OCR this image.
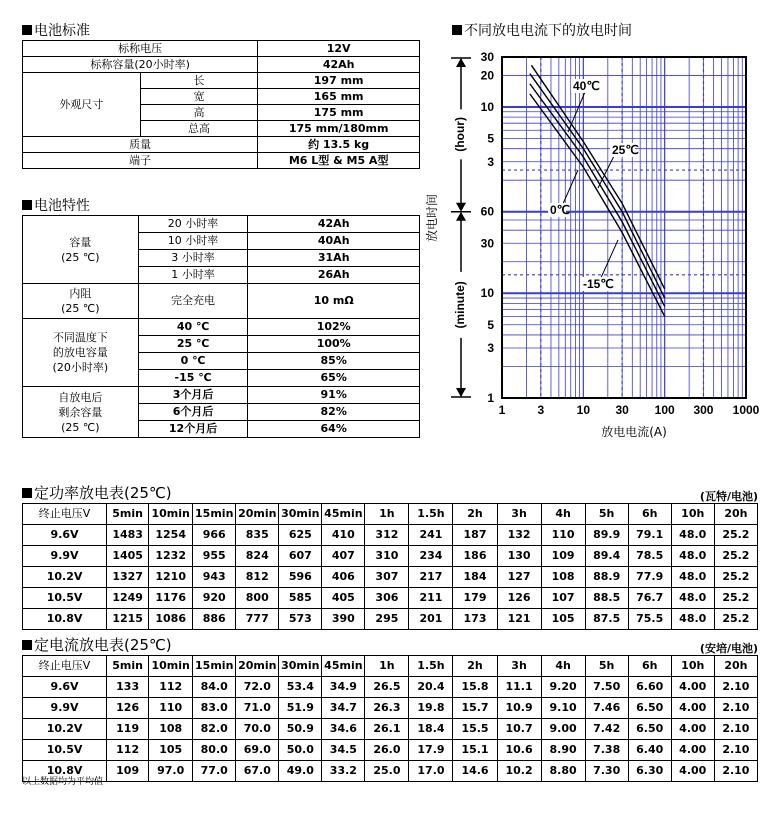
电池标准
标称电压		12V
标称容量(20小时率)		42Ah
外观尺寸	长	197 mm
	宽	165 mm
	高	175 mm
	总高	175 mm/180mm
质量		约 13.5 kg
端子		M6 L型 & M5 A型
电池特性
容量
(25 ℃)	20 小时率	42Ah
	10 小时率	40Ah
	3 小时率	31Ah
	1 小时率	26Ah
内阻
(25 ℃)	完全充电	10 mΩ
不同温度下
的放电容量
(20小时率)	40 ℃	102%
	25 ℃	100%
	0 ℃	85%
	-15 ℃	65%
自放电后
剩余容量
(25 ℃)	3个月后	91%
	6个月后	82%
	12个月后	64%
不同放电电流下的放电时间
1	3	10 30 100 300 1000
30
20
10
5
3
60
30
10
5
3
1
(hour)
(minute)
放电时间
放电电流(A)
40℃
25℃
0℃
-15℃
定功率放电表(25℃)	(瓦特/电池)
终止电压V	5min	10min	15min	20min	30min	45min	1h	1.5h	2h	3h	4h	5h	6h	10h	20h
9.6V	1483	1254	966	835	625	410	312	241	187	132	110	89.9	79.1	48.0	25.2
9.9V	1405	1232	955	824	607	407	310	234	186	130	109	89.4	78.5	48.0	25.2
10.2V	1327	1210	943	812	596	406	307	217	184	127	108	88.9	77.9	48.0	25.2
10.5V	1249	1176	920	800	585	405	306	211	179	126	107	88.5	76.7	48.0	25.2
10.8V	1215	1086	886	777	573	390	295	201	173	121	105	87.5	75.5	48.0	25.2
定电流放电表(25℃)	(安培/电池)
终止电压V	5min	10min	15min	20min	30min	45min	1h	1.5h	2h	3h	4h	5h	6h	10h	20h
9.6V	133	112	84.0	72.0	53.4	34.9	26.5	20.4	15.8	11.1	9.20	7.50	6.60	4.00	2.10
9.9V	126	110	83.0	71.0	51.9	34.7	26.3	19.8	15.7	10.9	9.10	7.46	6.50	4.00	2.10
10.2V	119	108	82.0	70.0	50.9	34.6	26.1	18.4	15.5	10.7	9.00	7.42	6.50	4.00	2.10
10.5V	112	105	80.0	69.0	50.0	34.5	26.0	17.9	15.1	10.6	8.90	7.38	6.40	4.00	2.10
10.8V	109	97.0	77.0	67.0	49.0	33.2	25.0	17.0	14.6	10.2	8.80	7.30	6.30	4.00	2.10
以上数据均为平均值
